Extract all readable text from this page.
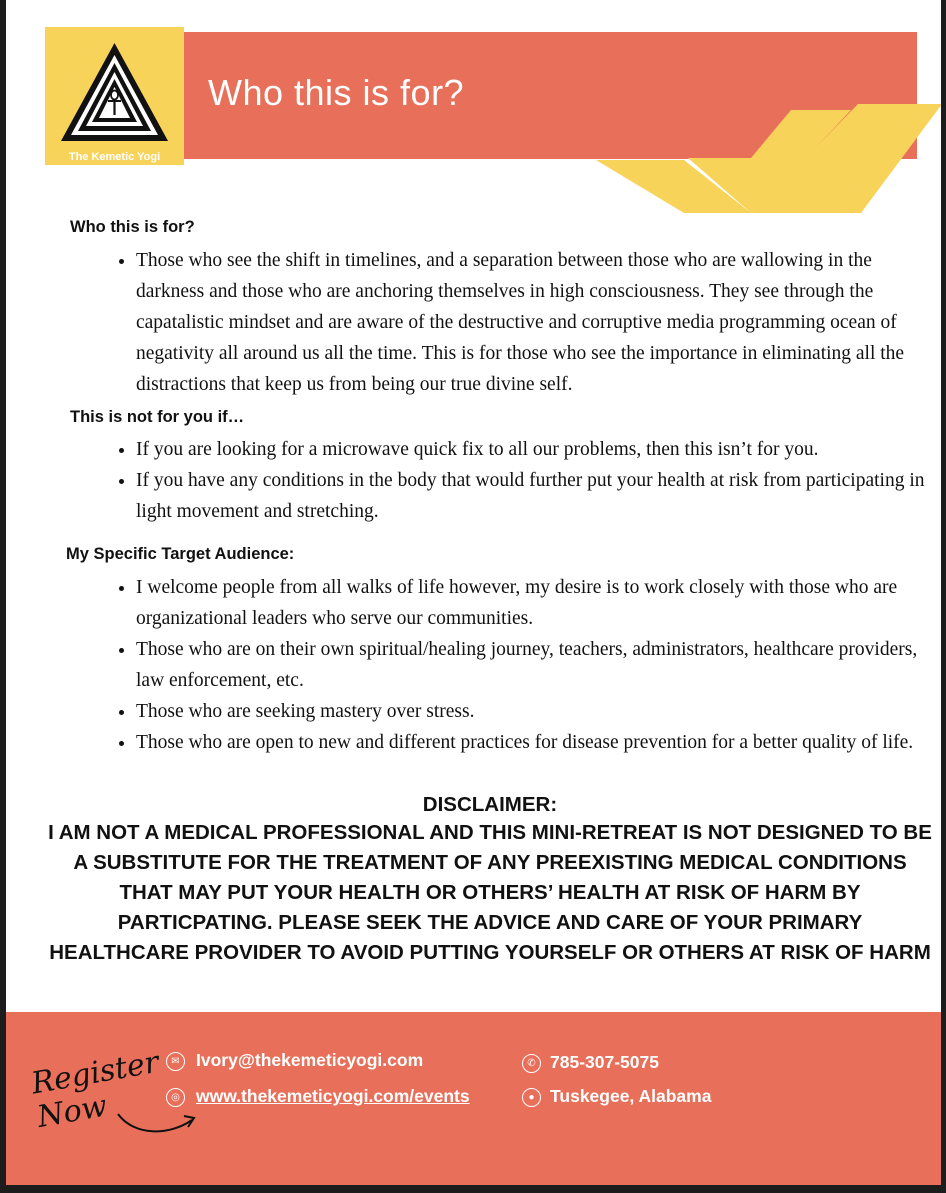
Who this is for?
The Kemetic Yogi
Who this is for?
• Those who see the shift in timelines, and a separation between those who are wallowing in the darkness and those who are anchoring themselves in high consciousness. They see through the capatalistic mindset and are aware of the destructive and corruptive media programming ocean of negativity all around us all the time. This is for those who see the importance in eliminating all the distractions that keep us from being our true divine self.
This is not for you if…
• If you are looking for a microwave quick fix to all our problems, then this isn’t for you.
• If you have any conditions in the body that would further put your health at risk from participating in light movement and stretching.
My Specific Target Audience:
• I welcome people from all walks of life however, my desire is to work closely with those who are organizational leaders who serve our communities.
• Those who are on their own spiritual/healing journey, teachers, administrators, healthcare providers, law enforcement, etc.
• Those who are seeking mastery over stress.
• Those who are open to new and different practices for disease prevention for a better quality of life.
DISCLAIMER:
I AM NOT A MEDICAL PROFESSIONAL AND THIS MINI-RETREAT IS NOT DESIGNED TO BE A SUBSTITUTE FOR THE TREATMENT OF ANY PREEXISTING MEDICAL CONDITIONS THAT MAY PUT YOUR HEALTH OR OTHERS’ HEALTH AT RISK OF HARM BY PARTICPATING. PLEASE SEEK THE ADVICE AND CARE OF YOUR PRIMARY HEALTHCARE PROVIDER TO AVOID PUTTING YOURSELF OR OTHERS AT RISK OF HARM
Register Now
✉ Ivory@thekemeticyogi.com
◎ www.thekemeticyogi.com/events
✆ 785-307-5075
● Tuskegee, Alabama
